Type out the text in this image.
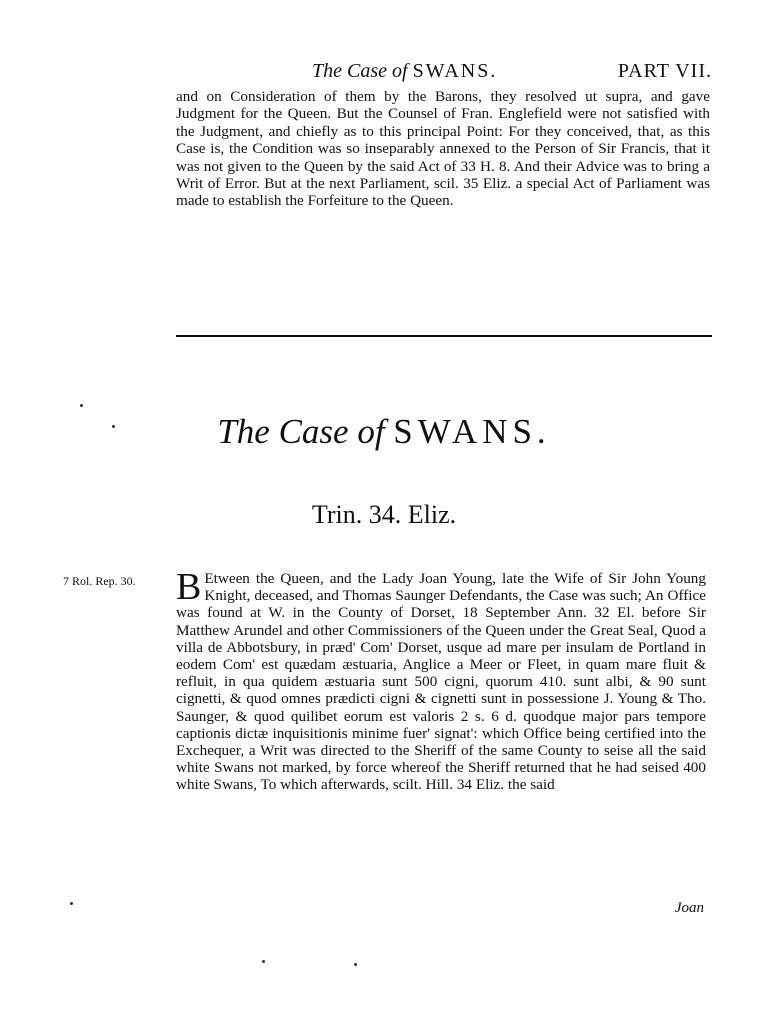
The Case of SWANS.	PART VII.

and on Consideration of them by the Barons, they resolved ut supra, and gave Judgment for the Queen. But the Counsel of Fran. Englefield were not satisfied with the Judgment, and chiefly as to this principal Point: For they conceived, that, as this Case is, the Condition was so inseparably annexed to the Person of Sir Francis, that it was not given to the Queen by the said Act of 33 H. 8. And their Advice was to bring a Writ of Error. But at the next Parliament, scil. 35 Eliz. a special Act of Parliament was made to establish the Forfeiture to the Queen.

The Case of SWANS.
Trin. 34. Eliz.
7 Rol. Rep. 30.	B Etween the Queen, and the Lady Joan Young, late the Wife of Sir John Young Knight, deceased, and Thomas Saunger Defendants, the Case was such; An Office was found at W. in the County of Dorset, 18 September Ann. 32 El. before Sir Matthew Arundel and other Commissioners of the Queen under the Great Seal, Quod a villa de Abbotsbury, in præd' Com' Dorset, usque ad mare per insulam de Portland in eodem Com' est quædam æstuaria, Anglice a Meer or Fleet, in quam mare fluit & refluit, in qua quidem æstuaria sunt 500 cigni, quorum 410. sunt albi, & 90 sunt cignetti, & quod omnes prædicti cigni & cignetti sunt in possessione J. Young & Tho. Saunger, & quod quilibet eorum est valoris 2 s. 6 d. quodque major pars tempore captionis dictæ inquisitionis minime fuer' signat': which Office being certified into the Exchequer, a Writ was directed to the Sheriff of the same County to seise all the said white Swans not marked, by force whereof the Sheriff returned that he had seised 400 white Swans, To which afterwards, scilt. Hill. 34 Eliz. the said

Joan
